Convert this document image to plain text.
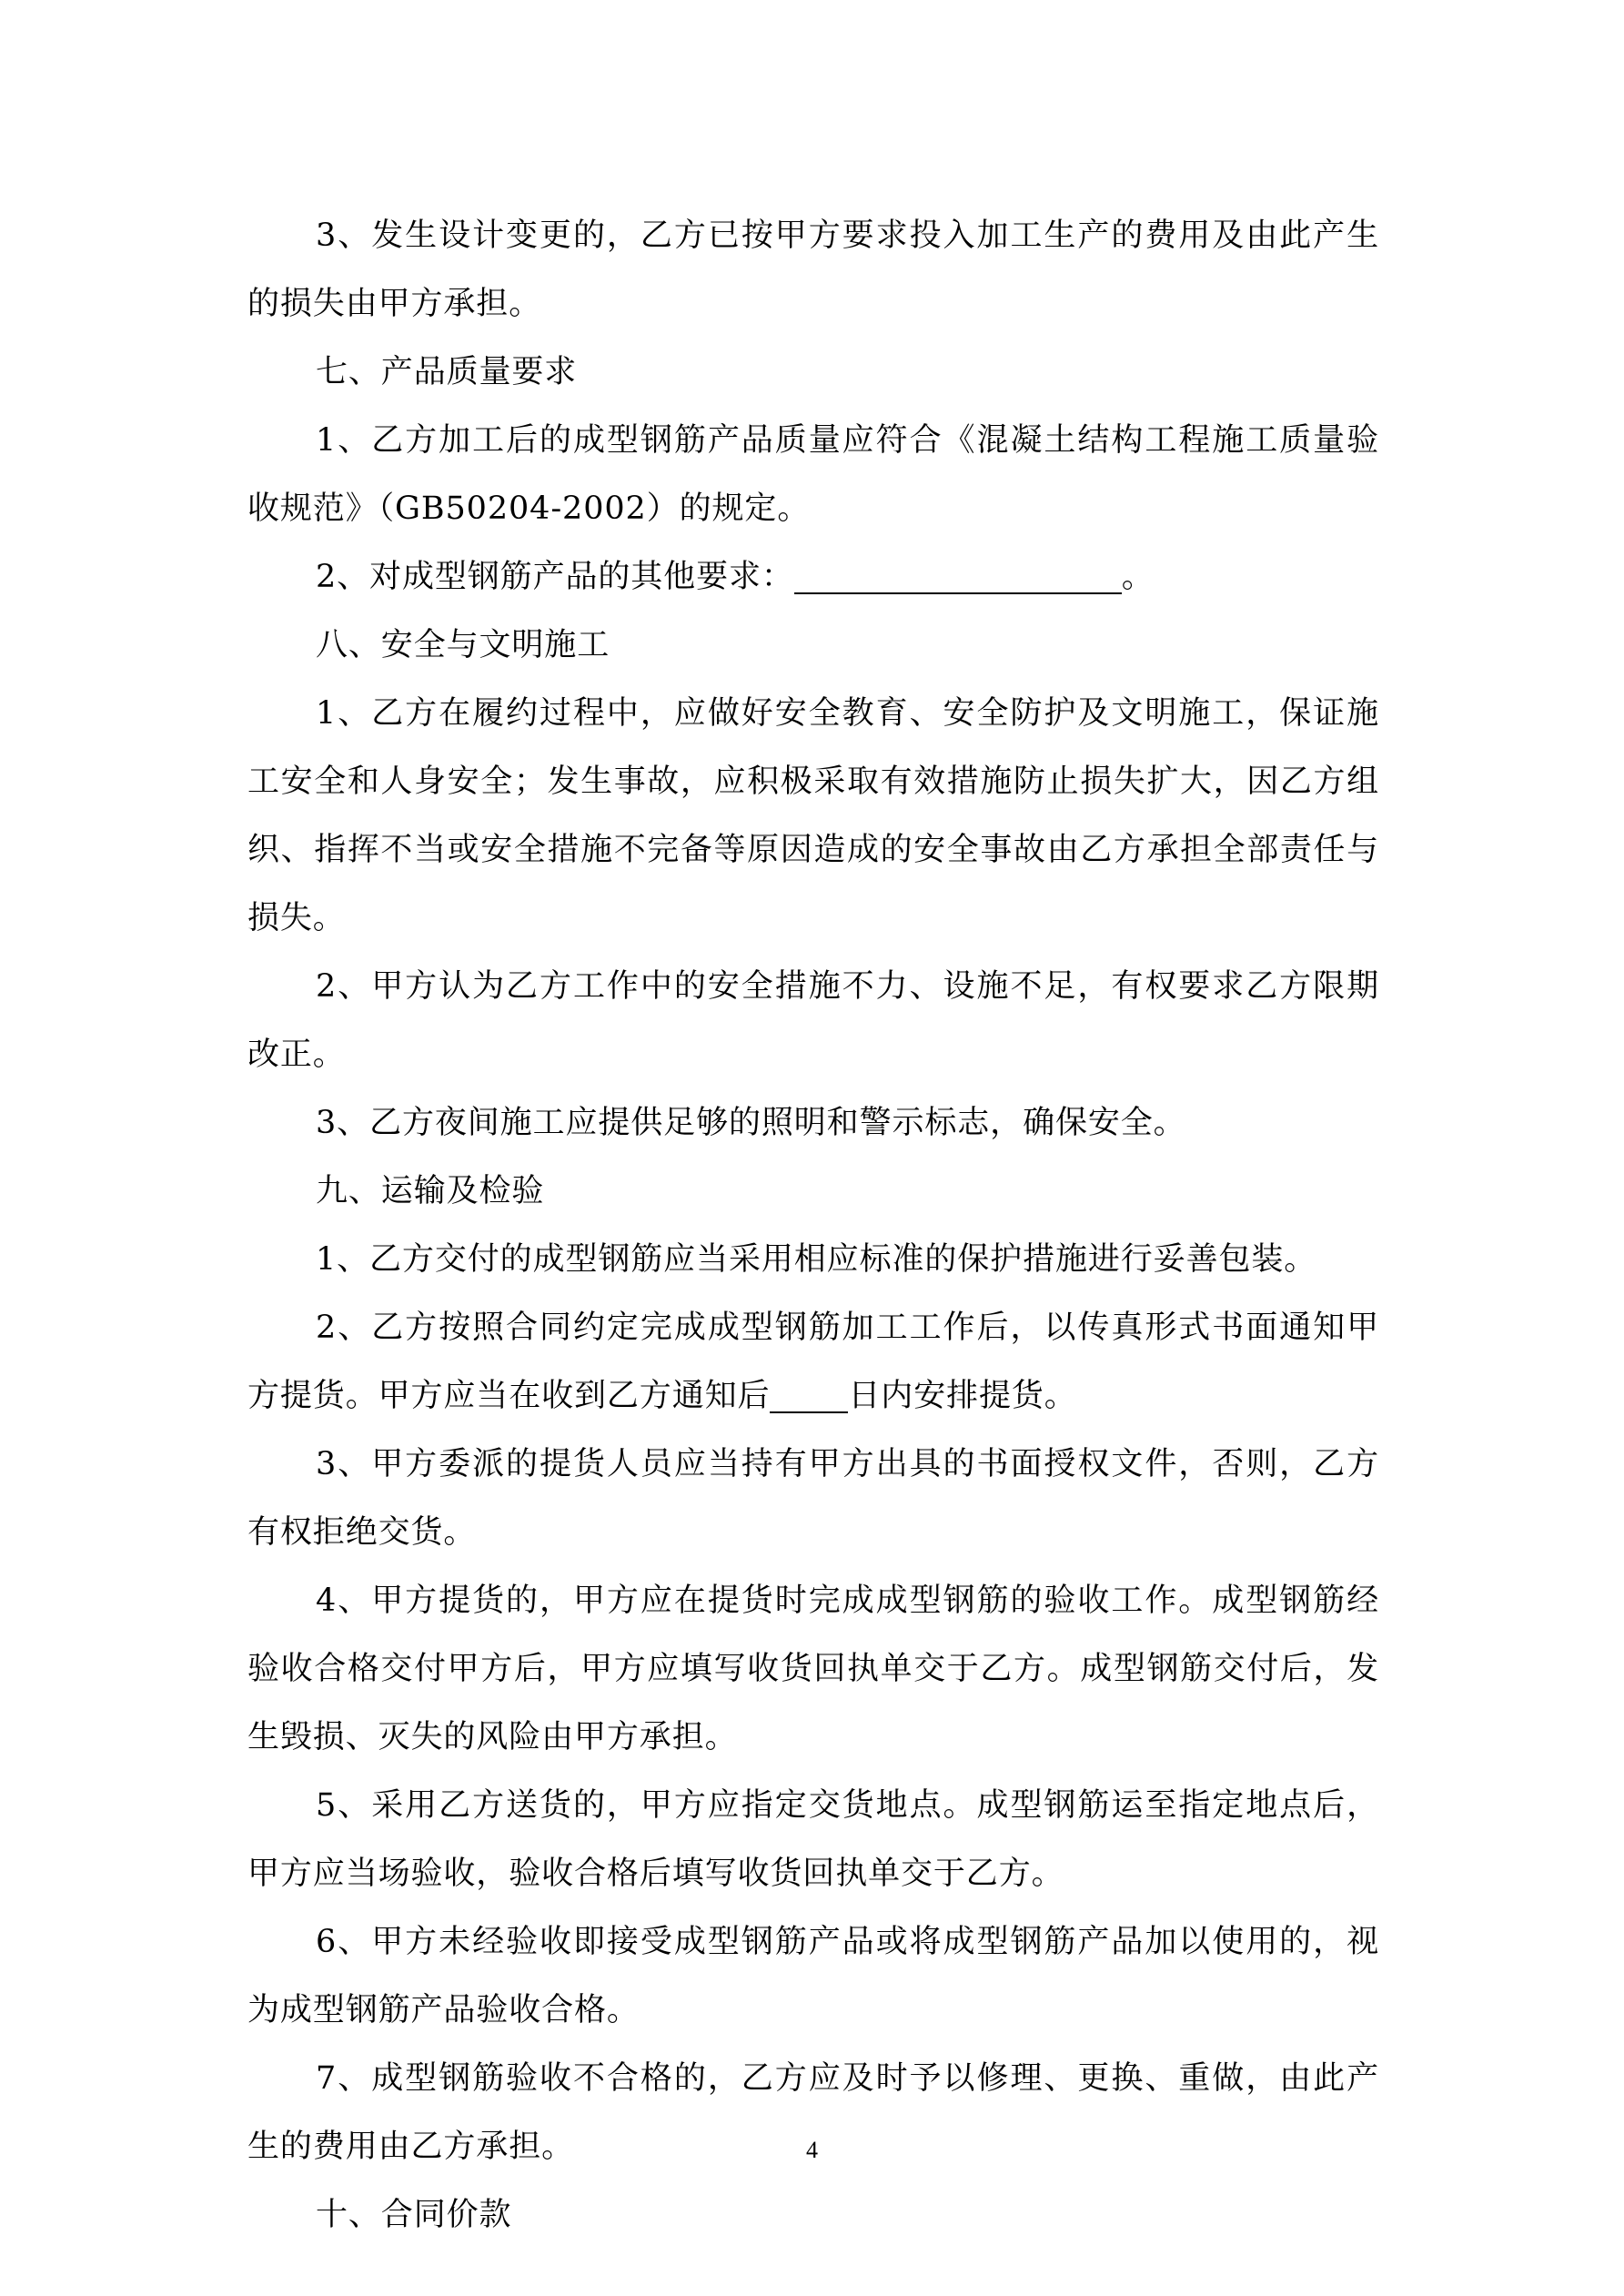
3、发生设计变更的，乙方已按甲方要求投入加工生产的费用及由此产生的损失由甲方承担。

七、产品质量要求

1、乙方加工后的成型钢筋产品质量应符合《混凝土结构工程施工质量验收规范》（GB50204-2002）的规定。

2、对成型钢筋产品的其他要求：	。

八、安全与文明施工

1、乙方在履约过程中，应做好安全教育、安全防护及文明施工，保证施工安全和人身安全；发生事故，应积极采取有效措施防止损失扩大，因乙方组织、指挥不当或安全措施不完备等原因造成的安全事故由乙方承担全部责任与损失。

2、甲方认为乙方工作中的安全措施不力、设施不足，有权要求乙方限期改正。

3、乙方夜间施工应提供足够的照明和警示标志，确保安全。

九、运输及检验

1、乙方交付的成型钢筋应当采用相应标准的保护措施进行妥善包装。

2、乙方按照合同约定完成成型钢筋加工工作后，以传真形式书面通知甲方提货。甲方应当在收到乙方通知后 日内安排提货。

3、甲方委派的提货人员应当持有甲方出具的书面授权文件，否则，乙方有权拒绝交货。

4、甲方提货的，甲方应在提货时完成成型钢筋的验收工作。成型钢筋经验收合格交付甲方后，甲方应填写收货回执单交于乙方。成型钢筋交付后，发生毁损、灭失的风险由甲方承担。

5、采用乙方送货的，甲方应指定交货地点。成型钢筋运至指定地点后，甲方应当场验收，验收合格后填写收货回执单交于乙方。

6、甲方未经验收即接受成型钢筋产品或将成型钢筋产品加以使用的，视为成型钢筋产品验收合格。

7、成型钢筋验收不合格的，乙方应及时予以修理、更换、重做，由此产生的费用由乙方承担。

十、合同价款

4
